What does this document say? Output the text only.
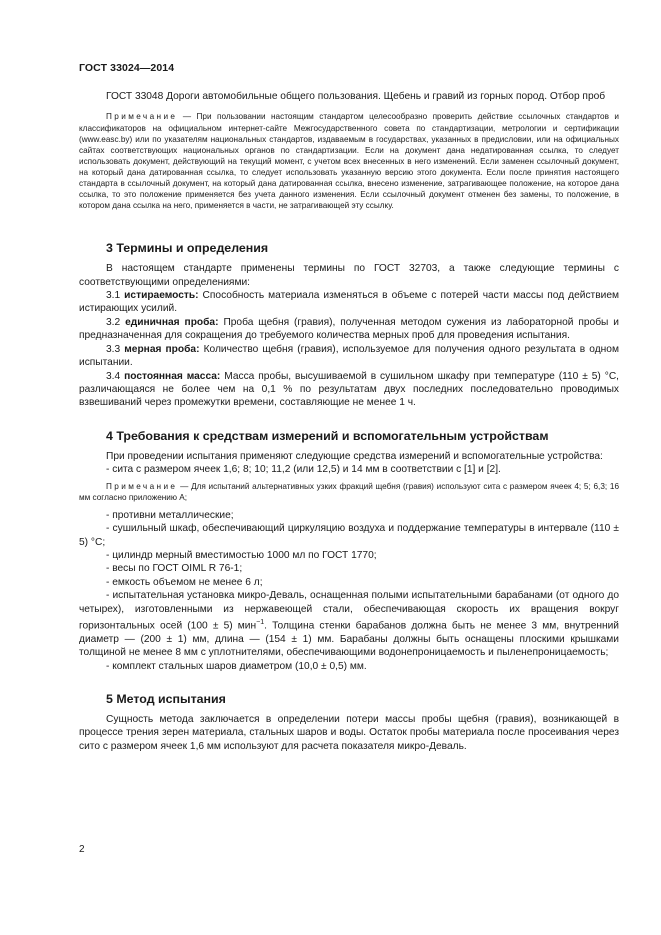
ГОСТ 33024—2014

ГОСТ 33048 Дороги автомобильные общего пользования. Щебень и гравий из горных пород. Отбор проб

Примечание — При пользовании настоящим стандартом целесообразно проверить действие ссылочных стандартов и классификаторов на официальном интернет-сайте Межгосударственного совета по стандартизации, метрологии и сертификации (www.easc.by) или по указателям национальных стандартов, издаваемым в государствах, указанных в предисловии, или на официальных сайтах соответствующих национальных органов по стандартизации. Если на документ дана недатированная ссылка, то следует использовать документ, действующий на текущий момент, с учетом всех внесенных в него изменений. Если заменен ссылочный документ, на который дана датированная ссылка, то следует использовать указанную версию этого документа. Если после принятия настоящего стандарта в ссылочный документ, на который дана датированная ссылка, внесено изменение, затрагивающее положение, на которое дана ссылка, то это положение применяется без учета данного изменения. Если ссылочный документ отменен без замены, то положение, в котором дана ссылка на него, применяется в части, не затрагивающей эту ссылку.

3 Термины и определения

В настоящем стандарте применены термины по ГОСТ 32703, а также следующие термины с соответствующими определениями:

3.1 истираемость: Способность материала изменяться в объеме с потерей части массы под действием истирающих усилий.

3.2 единичная проба: Проба щебня (гравия), полученная методом сужения из лабораторной пробы и предназначенная для сокращения до требуемого количества мерных проб для проведения испытания.

3.3 мерная проба: Количество щебня (гравия), используемое для получения одного результата в одном испытании.

3.4 постоянная масса: Масса пробы, высушиваемой в сушильном шкафу при температуре (110 ± 5) °С, различающаяся не более чем на 0,1 % по результатам двух последних последовательно проводимых взвешиваний через промежутки времени, составляющие не менее 1 ч.

4 Требования к средствам измерений и вспомогательным устройствам

При проведении испытания применяют следующие средства измерений и вспомогательные устройства:

- сита с размером ячеек 1,6; 8; 10; 11,2 (или 12,5) и 14 мм в соответствии с [1] и [2].

Примечание — Для испытаний альтернативных узких фракций щебня (гравия) используют сита с размером ячеек 4; 5; 6,3; 16 мм согласно приложению А;

- противни металлические;

- сушильный шкаф, обеспечивающий циркуляцию воздуха и поддержание температуры в интервале (110 ± 5) °С;

- цилиндр мерный вместимостью 1000 мл по ГОСТ 1770;

- весы по ГОСТ OIML R 76-1;

- емкость объемом не менее 6 л;

- испытательная установка микро-Деваль, оснащенная полыми испытательными барабанами (от одного до четырех), изготовленными из нержавеющей стали, обеспечивающая скорость их вращения вокруг горизонтальных осей (100 ± 5) мин$^{-1}$. Толщина стенки барабанов должна быть не менее 3 мм, внутренний диаметр — (200 ± 1) мм, длина — (154 ± 1) мм. Барабаны должны быть оснащены плоскими крышками толщиной не менее 8 мм с уплотнителями, обеспечивающими водонепроницаемость и пыленепроницаемость;

- комплект стальных шаров диаметром (10,0 ± 0,5) мм.

5 Метод испытания

Сущность метода заключается в определении потери массы пробы щебня (гравия), возникающей в процессе трения зерен материала, стальных шаров и воды. Остаток пробы материала после просеивания через сито с размером ячеек 1,6 мм используют для расчета показателя микро-Деваль.

2
